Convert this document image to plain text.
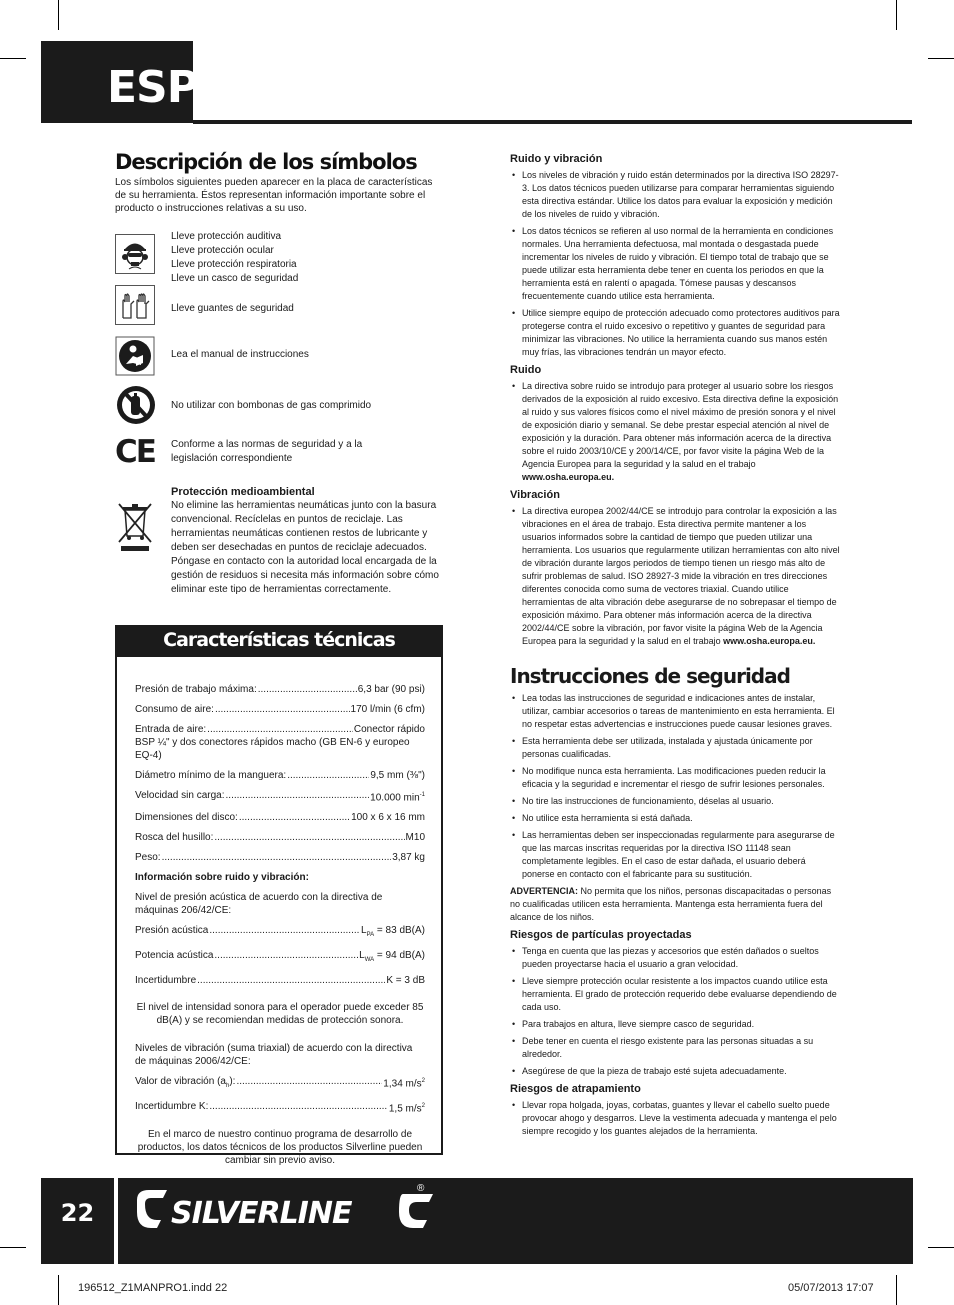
ESP
Descripción de los símbolos
Los símbolos siguientes pueden aparecer en la placa de características de su herramienta. Éstos representan información importante sobre el producto o instrucciones relativas a su uso.
Lleve protección auditiva
Lleve protección ocular
Lleve protección respiratoria
Lleve un casco de seguridad
Lleve guantes de seguridad
Lea el manual de instrucciones
No utilizar con bombonas de gas comprimido
CE Conforme a las normas de seguridad y a la
legislación correspondiente
Protección medioambiental
No elimine las herramientas neumáticas junto con la basura convencional. Recíclelas en puntos de reciclaje. Las herramientas neumáticas contienen restos de lubricante y deben ser desechadas en puntos de reciclaje adecuados. Póngase en contacto con la autoridad local encargada de la gestión de residuos si necesita más información sobre cómo eliminar este tipo de herramientas correctamente.
Características técnicas
Presión de trabajo máxima: .....	6,3 bar (90 psi)
Consumo de aire: .....	170 l/min (6 cfm)
Entrada de aire: .....	Conector rápido
BSP ¼" y dos conectores rápidos macho (GB EN-6 y europeo EQ-4)
Diámetro mínimo de la manguera: .....	9,5 mm (⅜")
Velocidad sin carga: .....	10.000 $\min^{-1}$
Dimensiones del disco: .....	100 x 6 x 16 mm
Rosca del husillo: .....	M10
Peso: .....	3,87 kg
Información sobre ruido y vibración:
Nivel de presión acústica de acuerdo con la directiva de máquinas 206/42/CE:
Presión acústica .....	$L_{PA} = 83$ dB(A)
Potencia acústica .....	$L_{WA} = 94$ dB(A)
Incertidumbre .....	K = 3 dB
El nivel de intensidad sonora para el operador puede exceder 85 dB(A) y se recomiendan medidas de protección sonora.
Niveles de vibración (suma triaxial) de acuerdo con la directiva de máquinas 2006/42/CE:
Valor de vibración $(a_h)$: .....	1,34 $m/s^2$
Incertidumbre K: .....	1,5 $m/s^2$
En el marco de nuestro continuo programa de desarrollo de productos, los datos técnicos de los productos Silverline pueden cambiar sin previo aviso.
Ruido y vibración
• Los niveles de vibración y ruido están determinados por la directiva ISO 28297-3. Los datos técnicos pueden utilizarse para comparar herramientas siguiendo esta directiva estándar. Utilice los datos para evaluar la exposición y medición de los niveles de ruido y vibración.
• Los datos técnicos se refieren al uso normal de la herramienta en condiciones normales. Una herramienta defectuosa, mal montada o desgastada puede incrementar los niveles de ruido y vibración. El tiempo total de trabajo que se puede utilizar esta herramienta debe tener en cuenta los periodos en que la herramienta está en ralentí o apagada. Tómese pausas y descansos frecuentemente cuando utilice esta herramienta.
• Utilice siempre equipo de protección adecuado como protectores auditivos para protegerse contra el ruido excesivo o repetitivo y guantes de seguridad para minimizar las vibraciones. No utilice la herramienta cuando sus manos estén muy frías, las vibraciones tendrán un mayor efecto.
Ruido
• La directiva sobre ruido se introdujo para proteger al usuario sobre los riesgos derivados de la exposición al ruido excesivo. Esta directiva define la exposición al ruido y sus valores físicos como el nivel máximo de presión sonora y el nivel de exposición diario y semanal. Se debe prestar especial atención al nivel de exposición y la duración. Para obtener más información acerca de la directiva sobre el ruido 2003/10/CE y 200/14/CE, por favor visite la página Web de la Agencia Europea para la seguridad y la salud en el trabajo www.osha.europa.eu.
Vibración
• La directiva europea 2002/44/CE se introdujo para controlar la exposición a las vibraciones en el área de trabajo. Esta directiva permite mantener a los usuarios informados sobre la cantidad de tiempo que pueden utilizar una herramienta. Los usuarios que regularmente utilizan herramientas con alto nivel de vibración durante largos periodos de tiempo tienen un riesgo más alto de sufrir problemas de salud. ISO 28927-3 mide la vibración en tres direcciones diferentes conocida como suma de vectores triaxial. Cuando utilice herramientas de alta vibración debe asegurarse de no sobrepasar el tiempo de exposición máximo. Para obtener más información acerca de la directiva 2002/44/CE sobre la vibración, por favor visite la página Web de la Agencia Europea para la seguridad y la salud en el trabajo www.osha.europa.eu.
Instrucciones de seguridad
• Lea todas las instrucciones de seguridad e indicaciones antes de instalar, utilizar, cambiar accesorios o tareas de mantenimiento en esta herramienta. El no respetar estas advertencias e instrucciones puede causar lesiones graves.
• Esta herramienta debe ser utilizada, instalada y ajustada únicamente por personas cualificadas.
• No modifique nunca esta herramienta. Las modificaciones pueden reducir la eficacia y la seguridad e incrementar el riesgo de sufrir lesiones personales.
• No tire las instrucciones de funcionamiento, déselas al usuario.
• No utilice esta herramienta si está dañada.
• Las herramientas deben ser inspeccionadas regularmente para asegurarse de que las marcas inscritas requeridas por la directiva ISO 11148 sean completamente legibles. En el caso de estar dañada, el usuario deberá ponerse en contacto con el fabricante para su sustitución.

ADVERTENCIA: No permita que los niños, personas discapacitadas o personas no cualificadas utilicen esta herramienta. Mantenga esta herramienta fuera del alcance de los niños.

Riesgos de partículas proyectadas
• Tenga en cuenta que las piezas y accesorios que estén dañados o sueltos pueden proyectarse hacia el usuario a gran velocidad.
• Lleve siempre protección ocular resistente a los impactos cuando utilice esta herramienta. El grado de protección requerido debe evaluarse dependiendo de cada uso.
• Para trabajos en altura, lleve siempre casco de seguridad.
• Debe tener en cuenta el riesgo existente para las personas situadas a su alrededor.
• Asegúrese de que la pieza de trabajo esté sujeta adecuadamente.
Riesgos de atrapamiento
• Llevar ropa holgada, joyas, corbatas, guantes y llevar el cabello suelto puede provocar ahogo y desgarros. Lleve la vestimenta adecuada y mantenga el pelo siempre recogido y los guantes alejados de la herramienta.
22	SILVERLINE
®
196512_Z1MANPRO1.indd 22	05/07/2013 17:07
